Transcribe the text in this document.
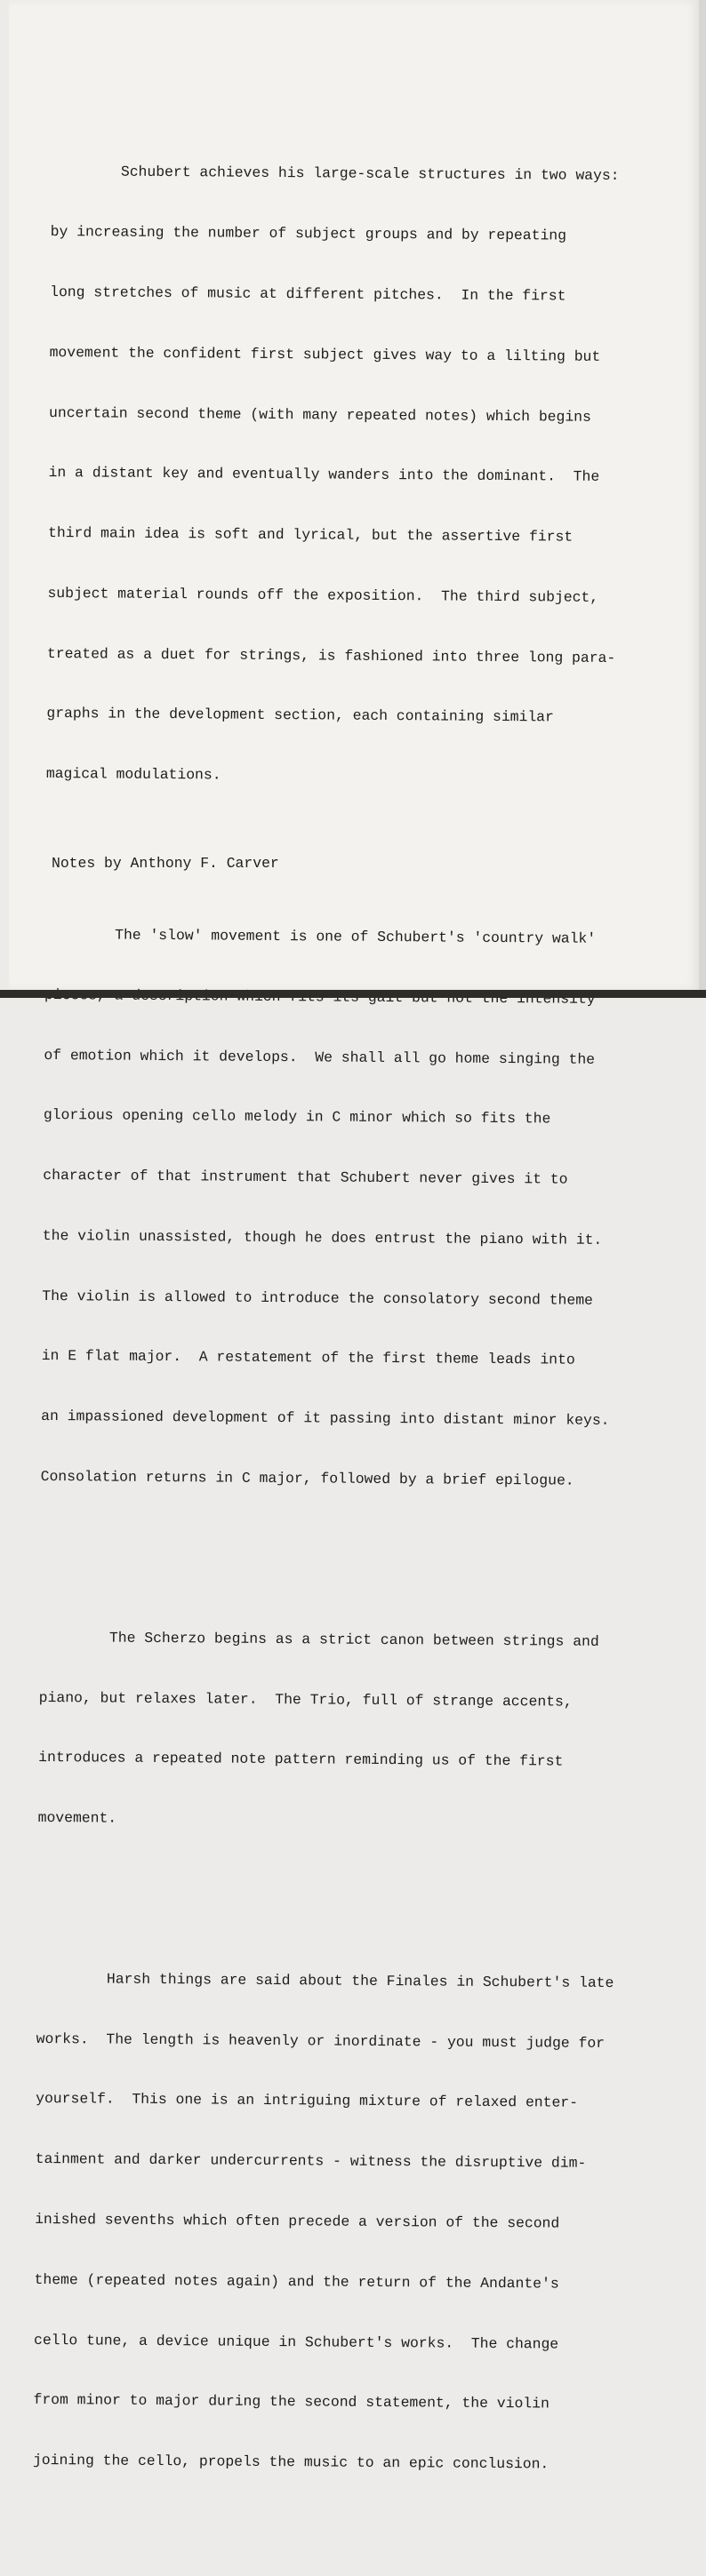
Schubert achieves his large-scale structures in two ways:

by increasing the number of subject groups and by repeating

long stretches of music at different pitches.  In the first

movement the confident first subject gives way to a lilting but

uncertain second theme (with many repeated notes) which begins

in a distant key and eventually wanders into the dominant.  The

third main idea is soft and lyrical, but the assertive first

subject material rounds off the exposition.  The third subject,

treated as a duet for strings, is fashioned into three long para-

graphs in the development section, each containing similar

magical modulations.

The 'slow' movement is one of Schubert's 'country walk'

of emotion which it develops.  We shall all go home singing the

glorious opening cello melody in C minor which so fits the

character of that instrument that Schubert never gives it to

the violin unassisted, though he does entrust the piano with it.

The violin is allowed to introduce the consolatory second theme

in E flat major.  A restatement of the first theme leads into

an impassioned development of it passing into distant minor keys.

Consolation returns in C major, followed by a brief epilogue.

The Scherzo begins as a strict canon between strings and

piano, but relaxes later.  The Trio, full of strange accents,

introduces a repeated note pattern reminding us of the first

movement.

Harsh things are said about the Finales in Schubert's late

works.  The length is heavenly or inordinate - you must judge for

yourself.  This one is an intriguing mixture of relaxed enter-

tainment and darker undercurrents - witness the disruptive dim-

inished sevenths which often precede a version of the second

theme (repeated notes again) and the return of the Andante's

cello tune, a device unique in Schubert's works.  The change

from minor to major during the second statement, the violin

joining the cello, propels the music to an epic conclusion.

Notes by Anthony F. Carver
